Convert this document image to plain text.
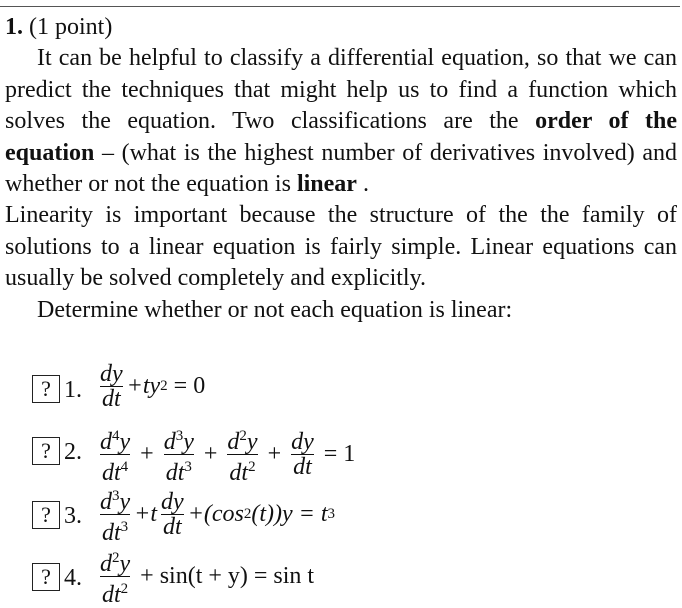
1. (1 point)

It can be helpful to classify a differential equation, so that we can predict the techniques that might help us to find a function which solves the equation. Two classifications are the order of the equation – (what is the highest number of derivatives involved) and whether or not the equation is linear .

Linearity is important because the structure of the the family of solutions to a linear equation is fairly simple. Linear equations can usually be solved completely and explicitly.

Determine whether or not each equation is linear:

? 1. $\frac{dy}{dt} +ty$ 2 = 0
? 2. $\frac{d^4y}{dt^4} + \frac{d^3y}{dt^3} + \frac{d^2y}{dt^2} + \frac{dy}{dt} = 1$
? 3. $\frac{d^3y}{dt^3} +t \frac{dy}{dt} +(\cos$ 2 (t))y = t 3
? 4. $\frac{d^2y}{dt^2} + \sin(t + y) = \sin t$
